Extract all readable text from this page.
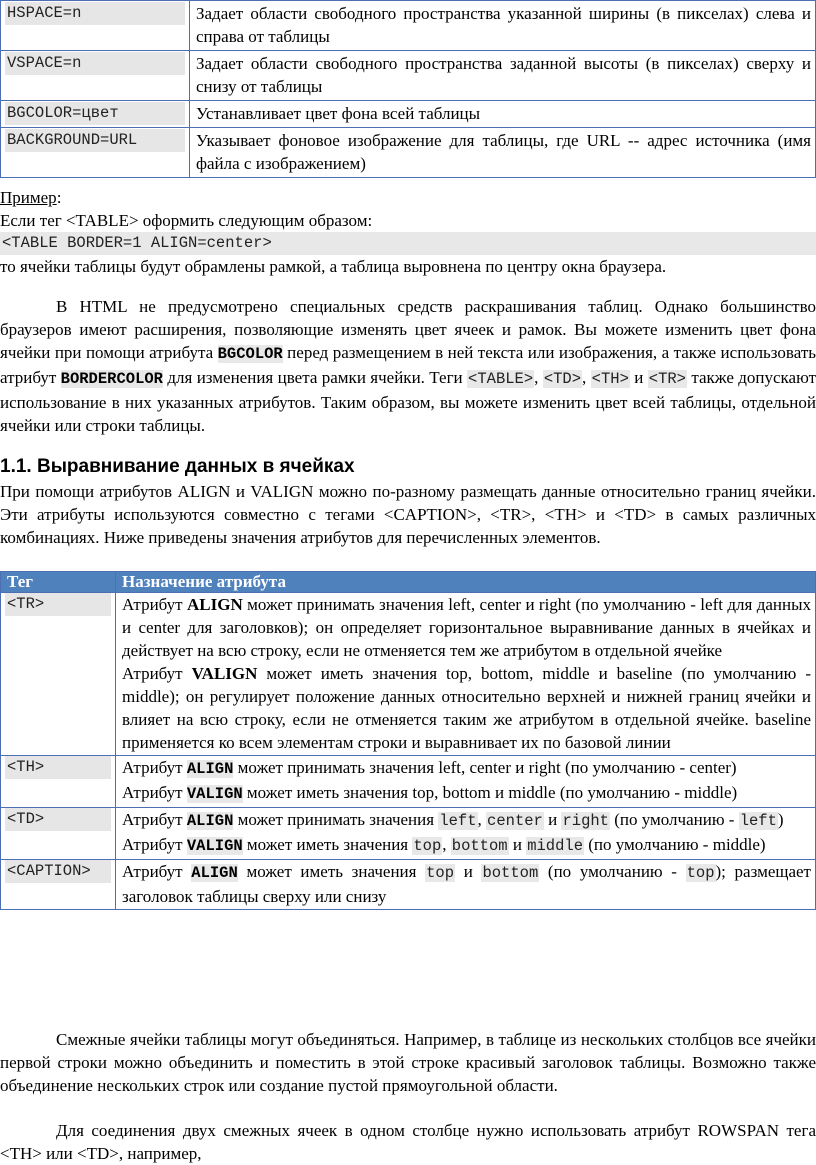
HSPACE=n	Задает области свободного пространства указанной ширины (в пикселах) слева и справа от таблицы

VSPACE=n	Задает области свободного пространства заданной высоты (в пикселах) сверху и снизу от таблицы

BGCOLOR=цвет	Устанавливает цвет фона всей таблицы

BACKGROUND=URL	Указывает фоновое изображение для таблицы, где URL -- адрес источника (имя файла с изображением)
Пример:
Если тег <TABLE> оформить следующим образом:
<TABLE BORDER=1 ALIGN=center>
то ячейки таблицы будут обрамлены рамкой, а таблица выровнена по центру окна браузера.
В HTML не предусмотрено специальных средств раскрашивания таблиц. Однако большинство браузеров имеют расширения, позволяющие изменять цвет ячеек и рамок. Вы можете изменить цвет фона ячейки при помощи атрибута BGCOLOR перед размещением в ней текста или изображения, а также использовать атрибут BORDERCOLOR для изменения цвета рамки ячейки. Теги <TABLE>, <TD>, <TH> и <TR> также допускают использование в них указанных атрибутов. Таким образом, вы можете изменить цвет всей таблицы, отдельной ячейки или строки таблицы.
1.1. Выравнивание данных в ячейках
При помощи атрибутов ALIGN и VALIGN можно по-разному размещать данные относительно границ ячейки. Эти атрибуты используются совместно с тегами <CAPTION>, <TR>, <TH> и <TD> в самых различных комбинациях. Ниже приведены значения атрибутов для перечисленных элементов.
Тег	Назначение атрибута

<TR>	Атрибут ALIGN может принимать значения left, center и right (по умолчанию - left для данных и center для заголовков); он определяет горизонтальное выравнивание данных в ячейках и действует на всю строку, если не отменяется тем же атрибутом в отдельной ячейке

Атрибут VALIGN может иметь значения top, bottom, middle и baseline (по умолчанию - middle); он регулирует положение данных относительно верхней и нижней границ ячейки и влияет на всю строку, если не отменяется таким же атрибутом в отдельной ячейке. baseline применяется ко всем элементам строки и выравнивает их по базовой линии

<TH>	Атрибут ALIGN может принимать значения left, center и right (по умолчанию - center)

Атрибут VALIGN может иметь значения top, bottom и middle (по умолчанию - middle)

<TD>	Атрибут ALIGN может принимать значения left, center и right (по умолчанию - left)

Атрибут VALIGN может иметь значения top, bottom и middle (по умолчанию - middle)

<CAPTION>	Атрибут ALIGN может иметь значения top и bottom (по умолчанию - top); размещает заголовок таблицы сверху или снизу

Смежные ячейки таблицы могут объединяться. Например, в таблице из нескольких столбцов все ячейки первой строки можно объединить и поместить в этой строке красивый заголовок таблицы. Возможно также объединение нескольких строк или создание пустой прямоугольной области.
Для соединения двух смежных ячеек в одном столбце нужно использовать атрибут ROWSPAN тега <TH> или <TD>, например,
